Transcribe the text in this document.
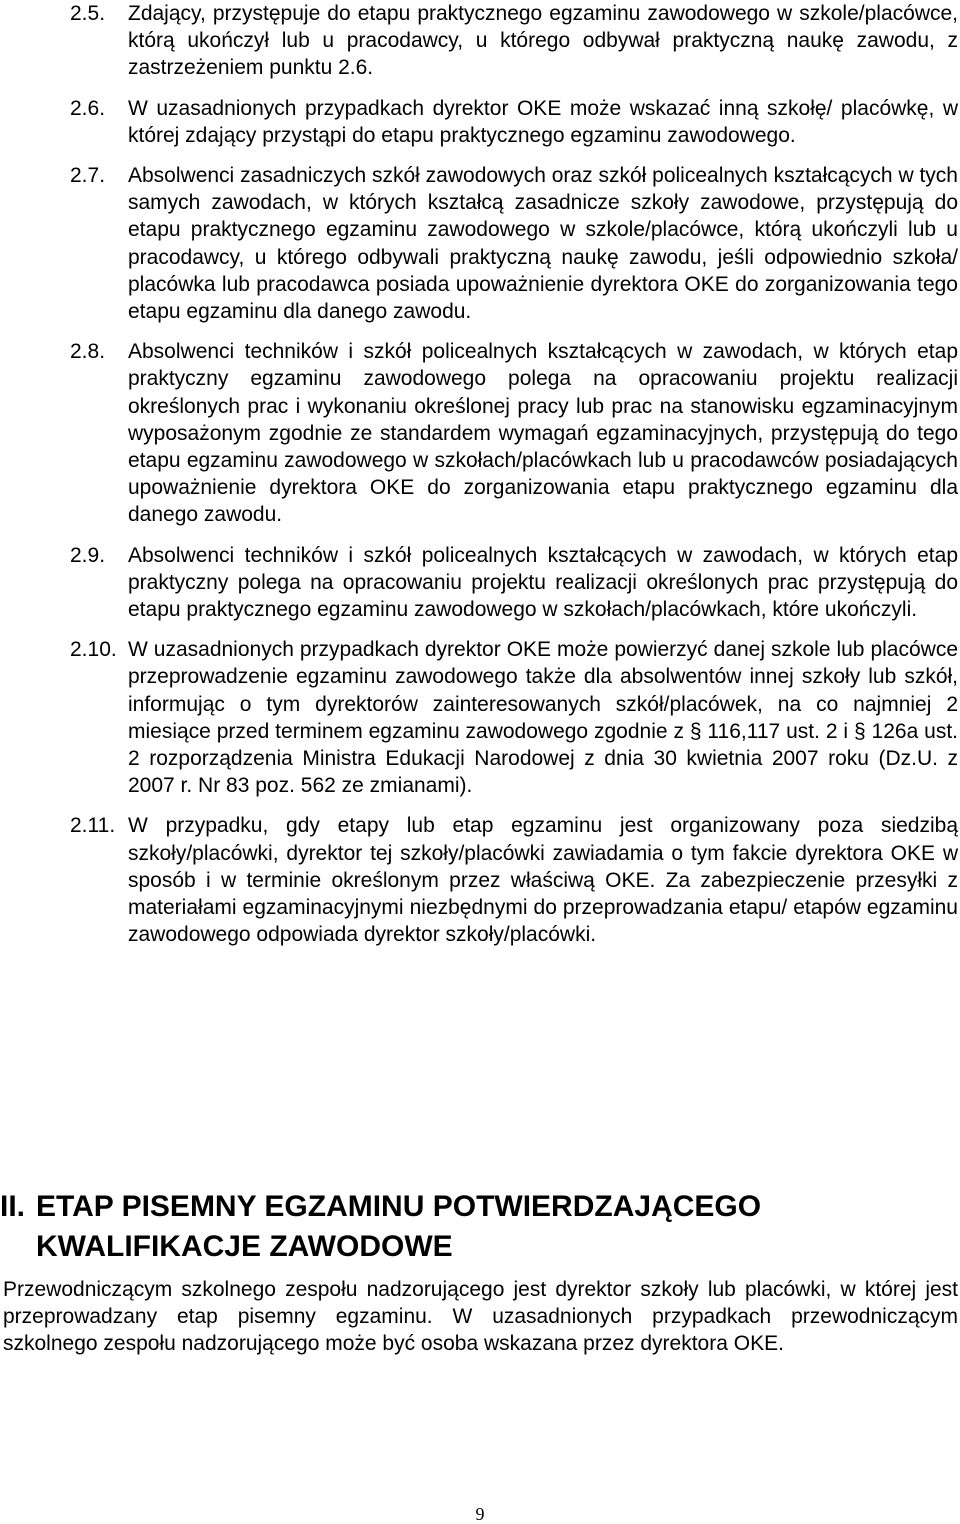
2.5.	Zdający, przystępuje do etapu praktycznego egzaminu zawodowego w szkole/placówce, którą ukończył lub u pracodawcy, u którego odbywał praktyczną naukę zawodu, z zastrzeżeniem punktu 2.6.
2.6.	W uzasadnionych przypadkach dyrektor OKE może wskazać inną szkołę/ placówkę, w której zdający przystąpi do etapu praktycznego egzaminu zawodowego.
2.7.	Absolwenci zasadniczych szkół zawodowych oraz szkół policealnych kształcących w tych samych zawodach, w których kształcą zasadnicze szkoły zawodowe, przystępują do etapu praktycznego egzaminu zawodowego w szkole/placówce, którą ukończyli lub u pracodawcy, u którego odbywali praktyczną naukę zawodu, jeśli odpowiednio szkoła/ placówka lub pracodawca posiada upoważnienie dyrektora OKE do zorganizowania tego etapu egzaminu dla danego zawodu.
2.8.	Absolwenci techników i szkół policealnych kształcących w zawodach, w których etap praktyczny egzaminu zawodowego polega na opracowaniu projektu realizacji określonych prac i wykonaniu określonej pracy lub prac na stanowisku egzaminacyjnym wyposażonym zgodnie ze standardem wymagań egzaminacyjnych, przystępują do tego etapu egzaminu zawodowego w szkołach/placówkach lub u pracodawców posiadających upoważnienie dyrektora OKE do zorganizowania etapu praktycznego egzaminu dla danego zawodu.
2.9.	Absolwenci techników i szkół policealnych kształcących w zawodach, w których etap praktyczny polega na opracowaniu projektu realizacji określonych prac przystępują do etapu praktycznego egzaminu zawodowego w szkołach/placówkach, które ukończyli.
2.10. W uzasadnionych przypadkach dyrektor OKE może powierzyć danej szkole lub placówce przeprowadzenie egzaminu zawodowego także dla absolwentów innej szkoły lub szkół, informując o tym dyrektorów zainteresowanych szkół/placówek, na co najmniej 2 miesiące przed terminem egzaminu zawodowego zgodnie z § 116,117 ust. 2 i § 126a ust. 2 rozporządzenia Ministra Edukacji Narodowej z dnia 30 kwietnia 2007 roku (Dz.U. z 2007 r. Nr 83 poz. 562 ze zmianami).
2.11. W przypadku, gdy etapy lub etap egzaminu jest organizowany poza siedzibą szkoły/placówki, dyrektor tej szkoły/placówki zawiadamia o tym fakcie dyrektora OKE w sposób i w terminie określonym przez właściwą OKE. Za zabezpieczenie przesyłki z materiałami egzaminacyjnymi niezbędnymi do przeprowadzania etapu/ etapów egzaminu zawodowego odpowiada dyrektor szkoły/placówki.
II. ETAP PISEMNY EGZAMINU POTWIERDZAJĄCEGO KWALIFIKACJE ZAWODOWE

Przewodniczącym szkolnego zespołu nadzorującego jest dyrektor szkoły lub placówki, w której jest przeprowadzany etap pisemny egzaminu. W uzasadnionych przypadkach przewodniczącym szkolnego zespołu nadzorującego może być osoba wskazana przez dyrektora OKE.

9
